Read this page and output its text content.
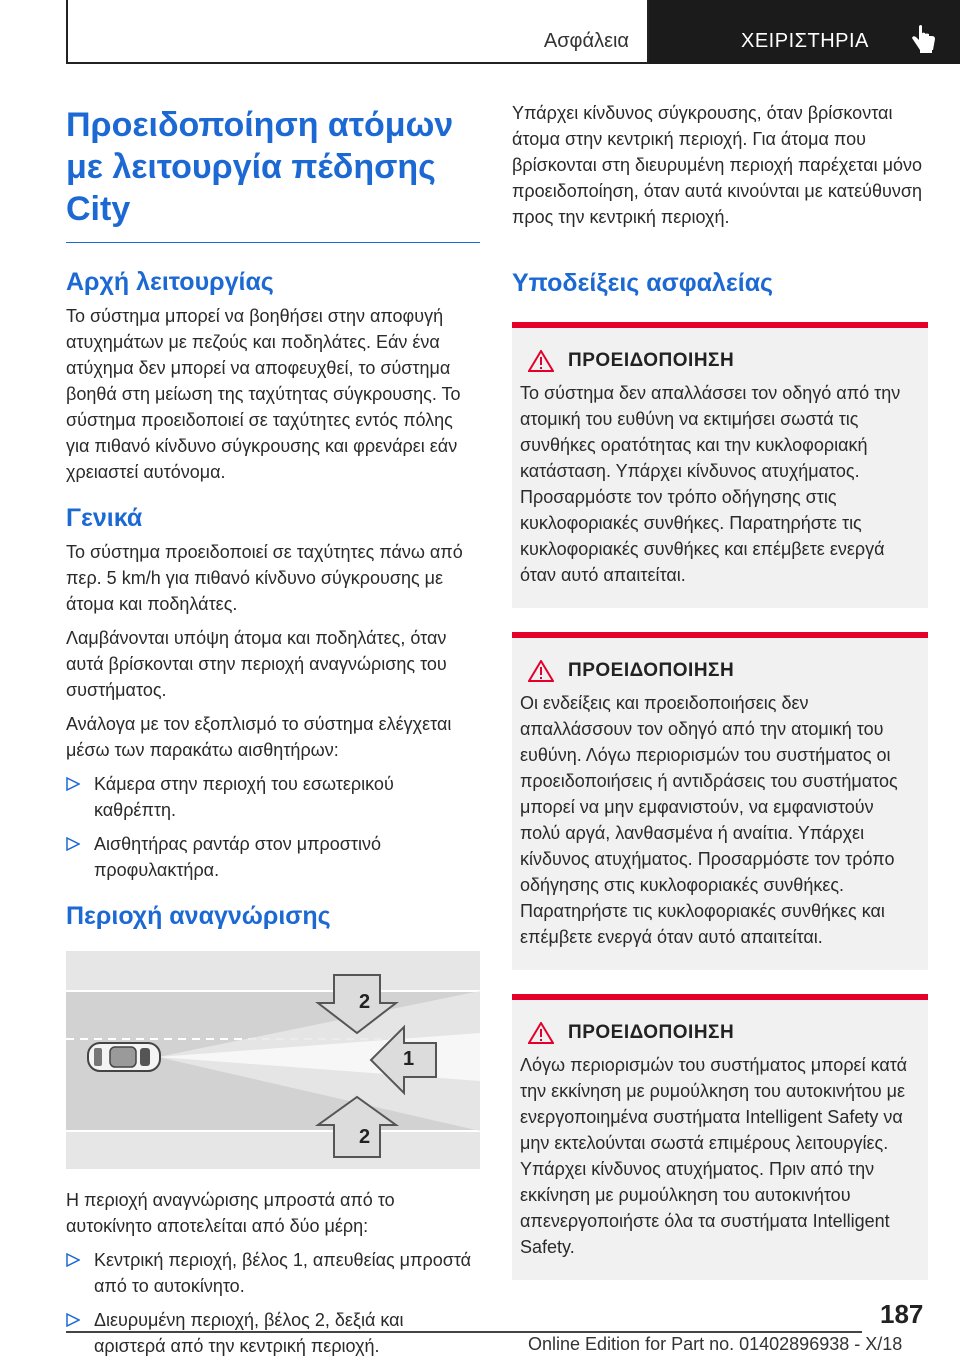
Ασφάλεια	ΧΕΙΡΙΣΤΗΡΙΑ
Προειδοποίηση ατόμων με λειτουργία πέδησης City
Αρχή λειτουργίας

Το σύστημα μπορεί να βοηθήσει στην αποφυγή ατυχημάτων με πεζούς και ποδηλάτες. Εάν ένα ατύχημα δεν μπορεί να αποφευχθεί, το σύστημα βοηθά στη μείωση της ταχύτητας σύγκρουσης. Το σύστημα προειδοποιεί σε ταχύτητες εντός πόλης για πιθανό κίνδυνο σύγκρουσης και φρενάρει εάν χρειαστεί αυτόνομα.

Γενικά

Το σύστημα προειδοποιεί σε ταχύτητες πάνω από περ. 5 km/h για πιθανό κίνδυνο σύγκρουσης με άτομα και ποδηλάτες.

Λαμβάνονται υπόψη άτομα και ποδηλάτες, όταν αυτά βρίσκονται στην περιοχή αναγνώρισης του συστήματος.

Ανάλογα με τον εξοπλισμό το σύστημα ελέγχεται μέσω των παρακάτω αισθητήρων:

Κάμερα στην περιοχή του εσωτερικού καθρέπτη.
Αισθητήρας ραντάρ στον μπροστινό προφυλακτήρα.
Περιοχή αναγνώρισης
2
1
2

Η περιοχή αναγνώρισης μπροστά από το αυτοκίνητο αποτελείται από δύο μέρη:

Κεντρική περιοχή, βέλος 1, απευθείας μπροστά από το αυτοκίνητο.
Διευρυμένη περιοχή, βέλος 2, δεξιά και αριστερά από την κεντρική περιοχή.

Υπάρχει κίνδυνος σύγκρουσης, όταν βρίσκονται άτομα στην κεντρική περιοχή. Για άτομα που βρίσκονται στη διευρυμένη περιοχή παρέχεται μόνο προειδοποίηση, όταν αυτά κινούνται με κατεύθυνση προς την κεντρική περιοχή.

Υποδείξεις ασφαλείας
ΠΡΟΕΙΔΟΠΟΙΗΣΗ

Το σύστημα δεν απαλλάσσει τον οδηγό από την ατομική του ευθύνη να εκτιμήσει σωστά τις συνθήκες ορατότητας και την κυκλοφοριακή κατάσταση. Υπάρχει κίνδυνος ατυχήματος. Προσαρμόστε τον τρόπο οδήγησης στις κυκλοφοριακές συνθήκες. Παρατηρήστε τις κυκλοφοριακές συνθήκες και επέμβετε ενεργά όταν αυτό απαιτείται.

ΠΡΟΕΙΔΟΠΟΙΗΣΗ

Οι ενδείξεις και προειδοποιήσεις δεν απαλλάσσουν τον οδηγό από την ατομική του ευθύνη. Λόγω περιορισμών του συστήματος οι προειδοποιήσεις ή αντιδράσεις του συστήματος μπορεί να μην εμφανιστούν, να εμφανιστούν πολύ αργά, λανθασμένα ή αναίτια. Υπάρχει κίνδυνος ατυχήματος. Προσαρμόστε τον τρόπο οδήγησης στις κυκλοφοριακές συνθήκες. Παρατηρήστε τις κυκλοφοριακές συνθήκες και επέμβετε ενεργά όταν αυτό απαιτείται.

ΠΡΟΕΙΔΟΠΟΙΗΣΗ

Λόγω περιορισμών του συστήματος μπορεί κατά την εκκίνηση με ρυμούλκηση του αυτοκινήτου με ενεργοποιημένα συστήματα Intelligent Safety να μην εκτελούνται σωστά επιμέρους λειτουργίες. Υπάρχει κίνδυνος ατυχήματος. Πριν από την εκκίνηση με ρυμούλκηση του αυτοκινήτου απενεργοποιήστε όλα τα συστήματα Intelligent Safety.

187
Online Edition for Part no. 01402896938 - X/18
